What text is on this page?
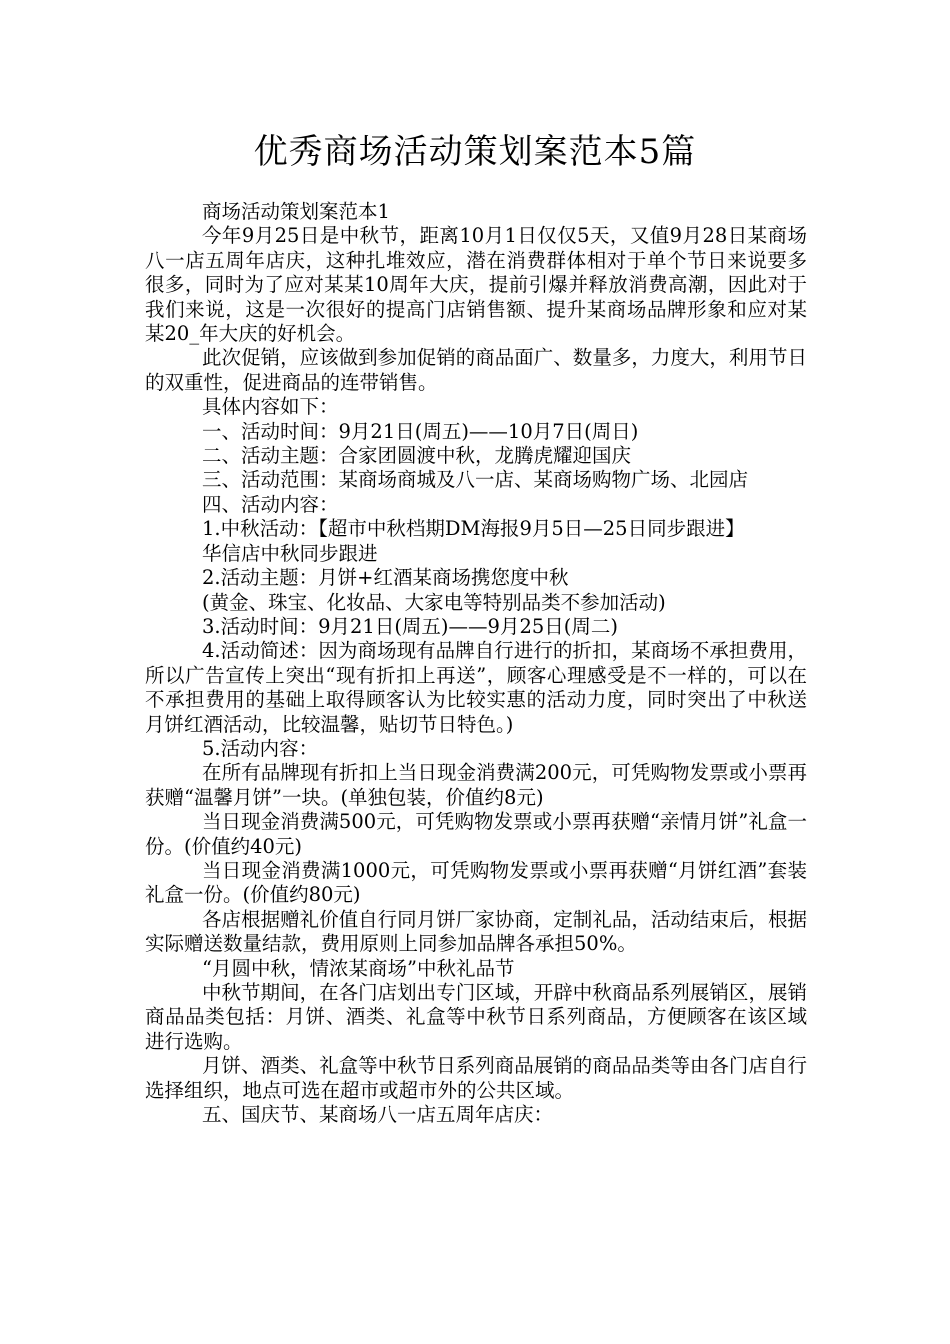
优秀商场活动策划案范本5篇

商场活动策划案范本1

今年9月25日是中秋节，距离10月1日仅仅5天，又值9月28日某商场八一店五周年店庆，这种扎堆效应，潜在消费群体相对于单个节日来说要多很多，同时为了应对某某10周年大庆，提前引爆并释放消费高潮，因此对于我们来说，这是一次很好的提高门店销售额、提升某商场品牌形象和应对某某20_年大庆的好机会。

此次促销，应该做到参加促销的商品面广、数量多，力度大，利用节日的双重性，促进商品的连带销售。

具体内容如下：

一、活动时间：9月21日(周五)——10月7日(周日)

二、活动主题：合家团圆渡中秋，龙腾虎耀迎国庆

三、活动范围：某商场商城及八一店、某商场购物广场、北园店

四、活动内容：

1.中秋活动：【超市中秋档期DM海报9月5日—25日同步跟进】

华信店中秋同步跟进

2.活动主题：月饼+红酒某商场携您度中秋

(黄金、珠宝、化妆品、大家电等特别品类不参加活动)

3.活动时间：9月21日(周五)——9月25日(周二)

4.活动简述：因为商场现有品牌自行进行的折扣，某商场不承担费用，所以广告宣传上突出“现有折扣上再送”，顾客心理感受是不一样的，可以在不承担费用的基础上取得顾客认为比较实惠的活动力度，同时突出了中秋送月饼红酒活动，比较温馨，贴切节日特色。)

5.活动内容：

在所有品牌现有折扣上当日现金消费满200元，可凭购物发票或小票再获赠“温馨月饼”一块。(单独包装，价值约8元)

当日现金消费满500元，可凭购物发票或小票再获赠“亲情月饼”礼盒一份。(价值约40元)

当日现金消费满1000元，可凭购物发票或小票再获赠“月饼红酒”套装礼盒一份。(价值约80元)

各店根据赠礼价值自行同月饼厂家协商，定制礼品，活动结束后，根据实际赠送数量结款，费用原则上同参加品牌各承担50%。

“月圆中秋，情浓某商场”中秋礼品节

中秋节期间，在各门店划出专门区域，开辟中秋商品系列展销区，展销商品品类包括：月饼、酒类、礼盒等中秋节日系列商品，方便顾客在该区域进行选购。

月饼、酒类、礼盒等中秋节日系列商品展销的商品品类等由各门店自行选择组织，地点可选在超市或超市外的公共区域。

五、国庆节、某商场八一店五周年店庆：
